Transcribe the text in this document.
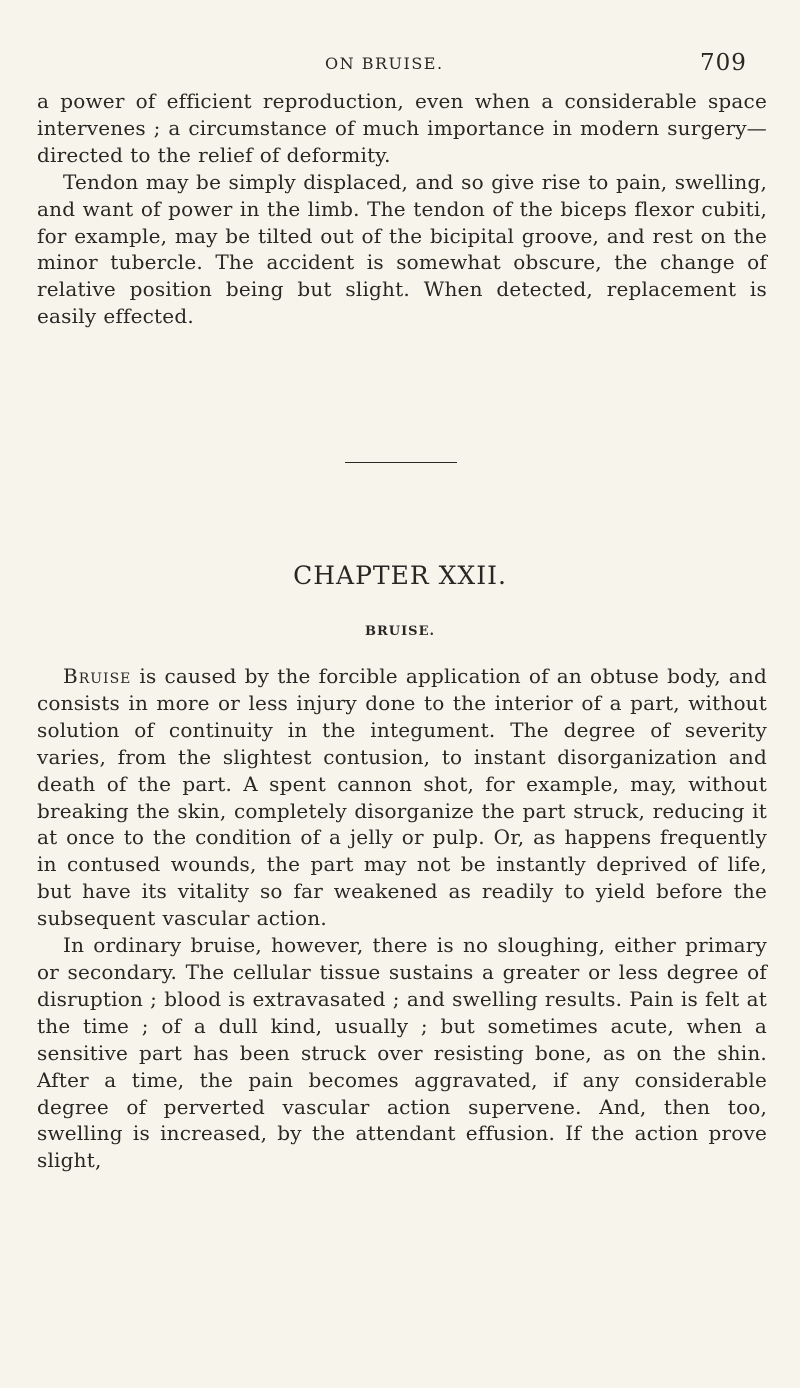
ON BRUISE.	709

a power of efficient reproduction, even when a considerable space intervenes ; a circumstance of much importance in modern surgery—directed to the relief of deformity.

Tendon may be simply displaced, and so give rise to pain, swelling, and want of power in the limb. The tendon of the biceps flexor cubiti, for example, may be tilted out of the bicipital groove, and rest on the minor tubercle. The accident is somewhat obscure, the change of relative position being but slight. When detected, replacement is easily effected.

CHAPTER XXII.
BRUISE.

Bruise is caused by the forcible application of an obtuse body, and consists in more or less injury done to the interior of a part, without solution of continuity in the integument. The degree of severity varies, from the slightest contusion, to instant disorganization and death of the part. A spent cannon shot, for example, may, without breaking the skin, completely disorganize the part struck, reducing it at once to the condition of a jelly or pulp. Or, as happens frequently in contused wounds, the part may not be instantly deprived of life, but have its vitality so far weakened as readily to yield before the subsequent vascular action.

In ordinary bruise, however, there is no sloughing, either primary or secondary. The cellular tissue sustains a greater or less degree of disruption ; blood is extravasated ; and swelling results. Pain is felt at the time ; of a dull kind, usually ; but sometimes acute, when a sensitive part has been struck over resisting bone, as on the shin. After a time, the pain becomes aggravated, if any considerable degree of perverted vascular action supervene. And, then too, swelling is increased, by the attendant effusion. If the action prove slight,
